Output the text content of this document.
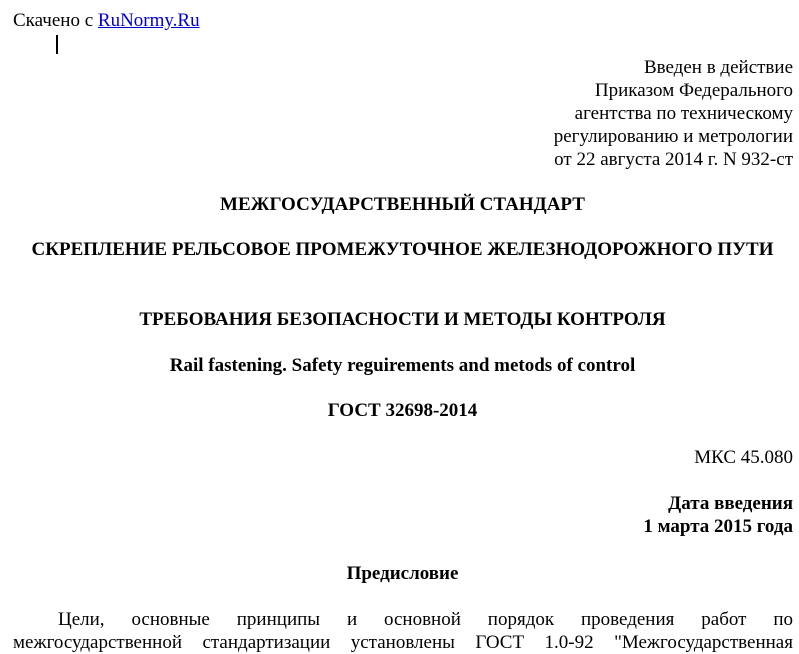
Скачено с RuNormy.Ru
Введен в действие
Приказом Федерального
агентства по техническому
регулированию и метрологии
от 22 августа 2014 г. N 932-ст
МЕЖГОСУДАРСТВЕННЫЙ СТАНДАРТ
СКРЕПЛЕНИЕ РЕЛЬСОВОЕ ПРОМЕЖУТОЧНОЕ ЖЕЛЕЗНОДОРОЖНОГО ПУТИ
ТРЕБОВАНИЯ БЕЗОПАСНОСТИ И МЕТОДЫ КОНТРОЛЯ
Rail fastening. Safety reguirements and metods of control
ГОСТ 32698-2014
МКС 45.080
Дата введения
1 марта 2015 года
Предисловие
Цели, основные принципы и основной порядок проведения работ по
межгосударственной стандартизации установлены ГОСТ 1.0-92 "Межгосударственная
